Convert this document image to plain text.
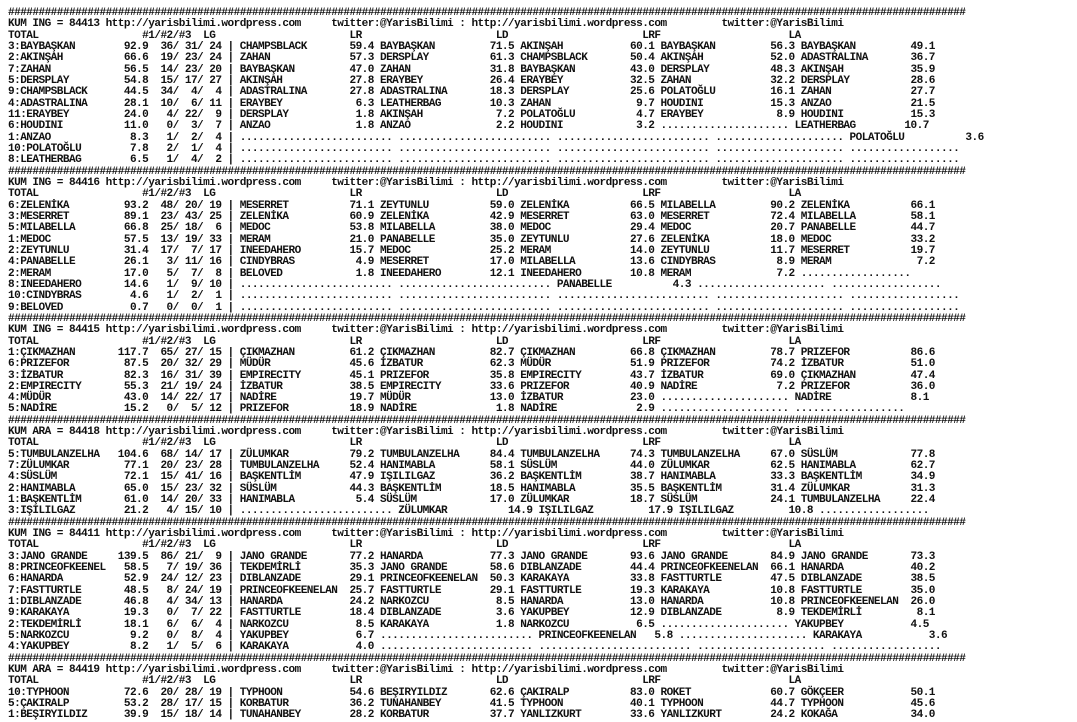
#############################################################################################################################################################
KUM ING = 84413 http://yarisbilimi.wordpress.com     twitter:@YarisBilimi : http://yarisbilimi.wordpress.com         twitter:@YarisBilimi
TOTAL                 #1/#2/#3  LG                      LR                      LD                      LRF                     LA
3:BAYBAŞKAN        92.9  36/ 31/ 24 | CHAMPSBLACK       59.4 BAYBAŞKAN         71.5 AKINŞAH           60.1 BAYBAŞKAN         56.3 BAYBAŞKAN         49.1
2:AKINŞAH          66.6  19/ 23/ 24 | ZAHAN             57.3 DERSPLAY          61.3 CHAMPSBLACK       50.4 AKINŞAH           52.0 ADASTRALINA       36.7
7:ZAHAN            56.5  14/ 23/ 20 | BAYBAŞKAN         47.0 ZAHAN             31.8 BAYBAŞKAN         43.0 DERSPLAY          48.3 AKINŞAH           35.9
5:DERSPLAY         54.8  15/ 17/ 27 | AKINŞAH           27.8 ERAYBEY           26.4 ERAYBEY           32.5 ZAHAN             32.2 DERSPLAY          28.6
9:CHAMPSBLACK      44.5  34/  4/  4 | ADASTRALINA       27.8 ADASTRALINA       18.3 DERSPLAY          25.6 POLATOĞLU         16.1 ZAHAN             27.7
4:ADASTRALINA      28.1  10/  6/ 11 | ERAYBEY            6.3 LEATHERBAG        10.3 ZAHAN              9.7 HOUDINI           15.3 ANZAO             21.5
11:ERAYBEY         24.0   4/ 22/  9 | DERSPLAY           1.8 AKINŞAH            7.2 POLATOĞLU          4.7 ERAYBEY            8.9 HOUDINI           15.3
6:HOUDINI          11.0   0/  3/  7 | ANZAO              1.8 ANZAO              2.2 HOUDINI            3.2 ..................... LEATHERBAG        10.7
1:ANZAO             8.3   1/  2/  4 | ......................... ......................... ......................... ..................... POLATOĞLU          3.6
10:POLATOĞLU        7.8   2/  1/  4 | ......................... ......................... ......................... ..................... ..................
8:LEATHERBAG        6.5   1/  4/  2 | ......................... ......................... ......................... ..................... ..................
#############################################################################################################################################################
KUM ING = 84416 http://yarisbilimi.wordpress.com     twitter:@YarisBilimi : http://yarisbilimi.wordpress.com         twitter:@YarisBilimi
TOTAL                 #1/#2/#3  LG                      LR                      LD                      LRF                     LA
6:ZELENİKA         93.2  48/ 20/ 19 | MESERRET          71.1 ZEYTUNLU          59.0 ZELENİKA          66.5 MILABELLA         90.2 ZELENİKA          66.1
3:MESERRET         89.1  23/ 43/ 25 | ZELENİKA          60.9 ZELENİKA          42.9 MESERRET          63.0 MESERRET          72.4 MILABELLA         58.1
5:MILABELLA        66.8  25/ 18/  6 | MEDOC             53.8 MILABELLA         38.0 MEDOC             29.4 MEDOC             20.7 PANABELLE         44.7
1:MEDOC            57.5  13/ 19/ 33 | MERAM             21.0 PANABELLE         35.0 ZEYTUNLU          27.6 ZELENİKA          18.0 MEDOC             33.2
2:ZEYTUNLU         31.4  17/  7/ 17 | INEEDAHERO        15.7 MEDOC             25.2 MERAM             14.0 ZEYTUNLU          11.7 MESERRET          19.7
4:PANABELLE        26.1   3/ 11/ 16 | CINDYBRAS          4.9 MESERRET          17.0 MILABELLA         13.6 CINDYBRAS          8.9 MERAM              7.2
2:MERAM            17.0   5/  7/  8 | BELOVED            1.8 INEEDAHERO        12.1 INEEDAHERO        10.8 MERAM              7.2 ..................
8:INEEDAHERO       14.6   1/  9/ 10 | ......................... ......................... PANABELLE          4.3 ..................... ..................
10:CINDYBRAS        4.6   1/  2/  1 | ......................... ......................... ......................... ..................... ..................
9:BELOVED           0.7   0/  0/  1 | ......................... ......................... ......................... ..................... ..................
#############################################################################################################################################################
KUM ING = 84415 http://yarisbilimi.wordpress.com     twitter:@YarisBilimi : http://yarisbilimi.wordpress.com         twitter:@YarisBilimi
TOTAL                 #1/#2/#3  LG                      LR                      LD                      LRF                     LA
1:ÇIKMAZHAN       117.7  65/ 27/ 15 | ÇIKMAZHAN         61.2 ÇIKMAZHAN         82.7 ÇIKMAZHAN         66.8 ÇIKMAZHAN         78.7 PRIZEFOR          86.6
6:PRIZEFOR         87.5  20/ 32/ 29 | MÜDÜR             45.6 İZBATUR           62.3 MÜDÜR             51.9 PRIZEFOR          74.2 İZBATUR           51.0
3:İZBATUR          82.3  16/ 31/ 39 | EMPIRECITY        45.1 PRIZEFOR          35.8 EMPIRECITY        43.7 İZBATUR           69.0 ÇIKMAZHAN         47.4
2:EMPIRECITY       55.3  21/ 19/ 24 | İZBATUR           38.5 EMPIRECITY        33.6 PRIZEFOR          40.9 NADİRE             7.2 PRIZEFOR          36.0
4:MÜDÜR            43.0  14/ 22/ 17 | NADİRE            19.7 MÜDÜR             13.0 İZBATUR           23.0 ..................... NADİRE             8.1
5:NADİRE           15.2   0/  5/ 12 | PRIZEFOR          18.9 NADİRE             1.8 NADİRE             2.9 ..................... ..................
#############################################################################################################################################################
KUM ARA = 84418 http://yarisbilimi.wordpress.com     twitter:@YarisBilimi : http://yarisbilimi.wordpress.com         twitter:@YarisBilimi
TOTAL                 #1/#2/#3  LG                      LR                      LD                      LRF                     LA
5:TUMBULANZELHA   104.6  68/ 14/ 17 | ZÜLUMKAR          79.2 TUMBULANZELHA     84.4 TUMBULANZELHA     74.3 TUMBULANZELHA     67.0 SÜSLÜM            77.8
7:ZÜLUMKAR         77.1  20/ 23/ 28 | TUMBULANZELHA     52.4 HANIMABLA         58.1 SÜSLÜM            44.0 ZÜLUMKAR          62.5 HANIMABLA         62.7
4:SÜSLÜM           72.1  15/ 41/ 16 | BAŞKENTLİM        47.9 IŞILILGAZ         36.2 BAŞKENTLİM        38.7 HANIMABLA         33.3 BAŞKENTLİM        34.9
2:HANIMABLA        65.0  15/ 23/ 32 | SÜSLÜM            44.3 BAŞKENTLİM        18.5 HANIMABLA         35.5 BAŞKENTLİM        31.4 ZÜLUMKAR          31.3
1:BAŞKENTLİM       61.0  14/ 20/ 33 | HANIMABLA          5.4 SÜSLÜM            17.0 ZÜLUMKAR          18.7 SÜSLÜM            24.1 TUMBULANZELHA     22.4
3:IŞILILGAZ        21.2   4/ 15/ 10 | ......................... ZÜLUMKAR          14.9 IŞILILGAZ         17.9 IŞILILGAZ         10.8 ..................
#############################################################################################################################################################
KUM ING = 84411 http://yarisbilimi.wordpress.com     twitter:@YarisBilimi : http://yarisbilimi.wordpress.com         twitter:@YarisBilimi
TOTAL                 #1/#2/#3  LG                      LR                      LD                      LRF                     LA
3:JANO GRANDE     139.5  86/ 21/  9 | JANO GRANDE       77.2 HANARDA           77.3 JANO GRANDE       93.6 JANO GRANDE       84.9 JANO GRANDE       73.3
8:PRINCEOFKEENEL   58.5   7/ 19/ 36 | TEKDEMİRLİ        35.3 JANO GRANDE       58.6 DIBLANZADE        44.4 PRINCEOFKEENELAN  66.1 HANARDA           40.2
6:HANARDA          52.9  24/ 12/ 23 | DIBLANZADE        29.1 PRINCEOFKEENELAN  50.3 KARAKAYA          33.8 FASTTURTLE        47.5 DIBLANZADE        38.5
7:FASTTURTLE       48.5   8/ 24/ 19 | PRINCEOFKEENELAN  25.7 FASTTURTLE        29.1 FASTTURTLE        19.3 KARAKAYA          10.8 FASTTURTLE        35.0
1:DIBLANZADE       46.8   4/ 34/ 13 | HANARDA           24.2 NARKOZCU           8.5 HANARDA           13.0 HANARDA           10.8 PRINCEOFKEENELAN  26.0
9:KARAKAYA         19.3   0/  7/ 22 | FASTTURTLE        18.4 DIBLANZADE         3.6 YAKUPBEY          12.9 DIBLANZADE         8.9 TEKDEMİRLİ         8.1
2:TEKDEMİRLİ       18.1   6/  6/  4 | NARKOZCU           8.5 KARAKAYA           1.8 NARKOZCU           6.5 ..................... YAKUPBEY           4.5
5:NARKOZCU          9.2   0/  8/  4 | YAKUPBEY           6.7 ......................... PRINCEOFKEENELAN   5.8 ..................... KARAKAYA           3.6
4:YAKUPBEY          8.2   1/  5/  6 | KARAKAYA           4.0 ......................... ......................... ..................... ..................
#############################################################################################################################################################
KUM ARA = 84419 http://yarisbilimi.wordpress.com     twitter:@YarisBilimi : http://yarisbilimi.wordpress.com         twitter:@YarisBilimi
TOTAL                 #1/#2/#3  LG                      LR                      LD                      LRF                     LA
10:TYPHOON         72.6  20/ 28/ 19 | TYPHOON           54.6 BEŞIRYILDIZ       62.6 ÇAKIRALP          83.0 ROKET             60.7 GÖKÇEER           50.1
5:ÇAKIRALP         53.2  28/ 17/ 15 | KORBATUR          36.2 TUNAHANBEY        41.5 TYPHOON           40.1 TYPHOON           44.7 TYPHOON           45.6
1:BEŞIRYILDIZ      39.9  15/ 18/ 14 | TUNAHANBEY        28.2 KORBATUR          37.7 YANLIZKURT        33.6 YANLIZKURT        24.2 KOKAĞA            34.0
